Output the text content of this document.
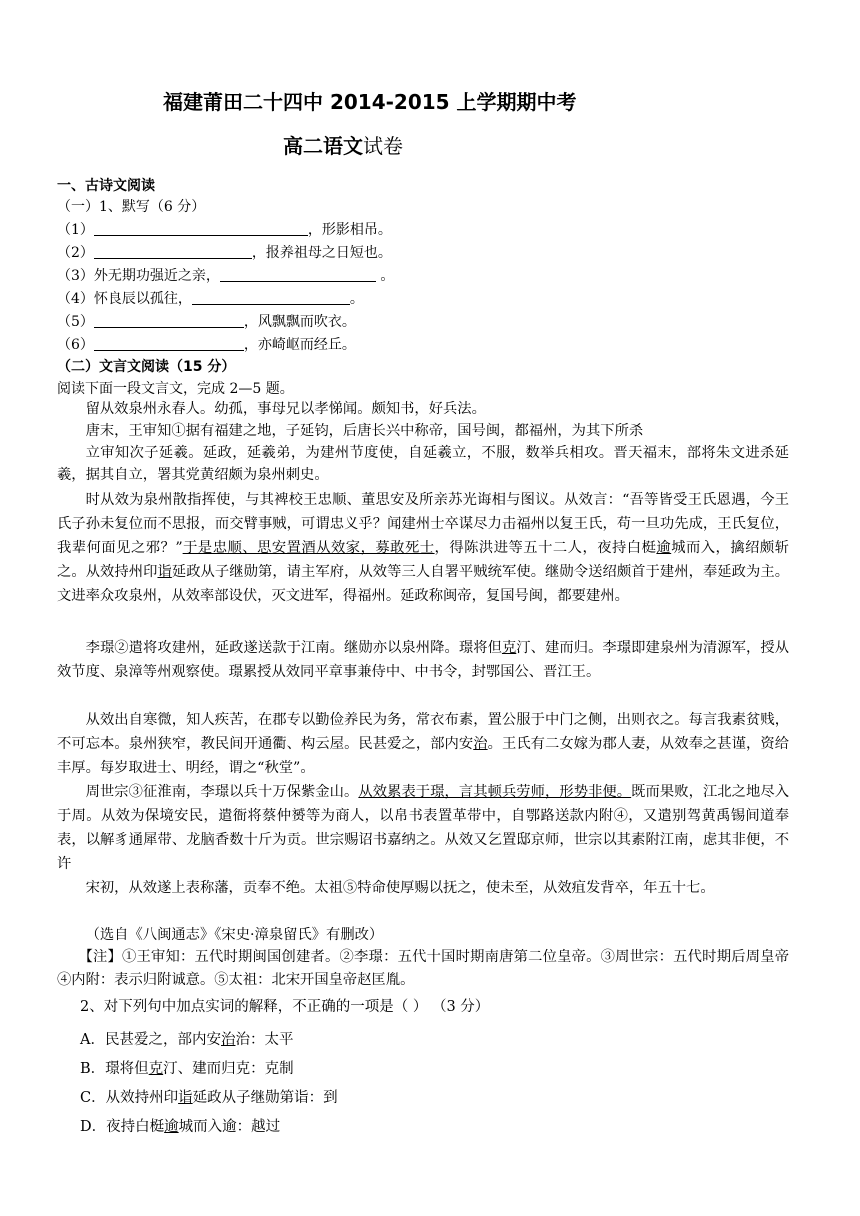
福建莆田二十四中 2014-2015 上学期期中考
高二语文试卷
一、古诗文阅读
（一）1、默写（6 分）
（1）	，形影相吊。
（2）	，报养祖母之日短也。
（3）外无期功强近之亲，	。
（4）怀良辰以孤往，	。
（5）	，风飘飘而吹衣。
（6）	，亦崎岖而经丘。
（二）文言文阅读（15 分）
阅读下面一段文言文，完成 2—5 题。
留从效泉州永春人。幼孤，事母兄以孝悌闻。颇知书，好兵法。
唐末，王审知①据有福建之地，子延钧，后唐长兴中称帝，国号闽，都福州，为其下所杀
立审知次子延羲。延政，延羲弟，为建州节度使，自延羲立，不服，数举兵相攻。晋天福末，部将朱文进杀延羲，据其自立，署其党黄绍颇为泉州刺史。
时从效为泉州散指挥使，与其裨校王忠顺、董思安及所亲苏光诲相与图议。从效言：“吾等皆受王氏恩遇，今王氏子孙未复位而不思报，而交臂事贼，可谓忠义乎？闻建州士卒谋尽力击福州以复王氏，苟一旦功先成，王氏复位，我辈何面见之邪？”于是忠顺、思安置酒从效家，募敢死士，得陈洪进等五十二人，夜持白梃逾城而入，擒绍颇斩之。从效持州印诣延政从子继勋第，请主军府，从效等三人自署平贼统军使。继勋令送绍颇首于建州，奉延政为主。文进率众攻泉州，从效率部设伏，灭文进军，得福州。延政称闽帝，复国号闽，都要建州。
李璟②遣将攻建州，延政遂送款于江南。继勋亦以泉州降。璟将但克汀、建而归。李璟即建泉州为清源军，授从效节度、泉漳等州观察使。璟累授从效同平章事兼侍中、中书令，封鄂国公、晋江王。
从效出自寒微，知人疾苦，在郡专以勤俭养民为务，常衣布素，置公服于中门之侧，出则衣之。每言我素贫贱，不可忘本。泉州狭窄，教民间开通衢、构云屋。民甚爱之，部内安治。王氏有二女嫁为郡人妻，从效奉之甚谨，资给丰厚。每岁取进士、明经，谓之“秋堂”。
周世宗③征淮南，李璟以兵十万保紫金山。从效累表于璟，言其顿兵劳师，形势非便。既而果败，江北之地尽入于周。从效为保境安民，遣衙将蔡仲赟等为商人，以帛书表置革带中，自鄂路送款内附④，又遣别驾黄禹锡间道奉表，以解豸通犀带、龙脑香数十斤为贡。世宗赐诏书嘉纳之。从效又乞置邸京师，世宗以其素附江南，虑其非便，不许
宋初，从效遂上表称藩，贡奉不绝。太祖⑤特命使厚赐以抚之，使未至，从效疽发背卒，年五十七。
（选自《八闽通志》《宋史·漳泉留氏》有删改）
【注】①王审知：五代时期闽国创建者。②李璟：五代十国时期南唐第二位皇帝。③周世宗：五代时期后周皇帝 ④内附：表示归附诚意。⑤太祖：北宋开国皇帝赵匡胤。
2、对下列句中加点实词的解释，不正确的一项是（ ） （3 分）
A．民甚爱之，部内安治治：太平
B．璟将但克汀、建而归克：克制
C．从效持州印诣延政从子继勋第诣：到
D．夜持白梃逾城而入逾：越过
